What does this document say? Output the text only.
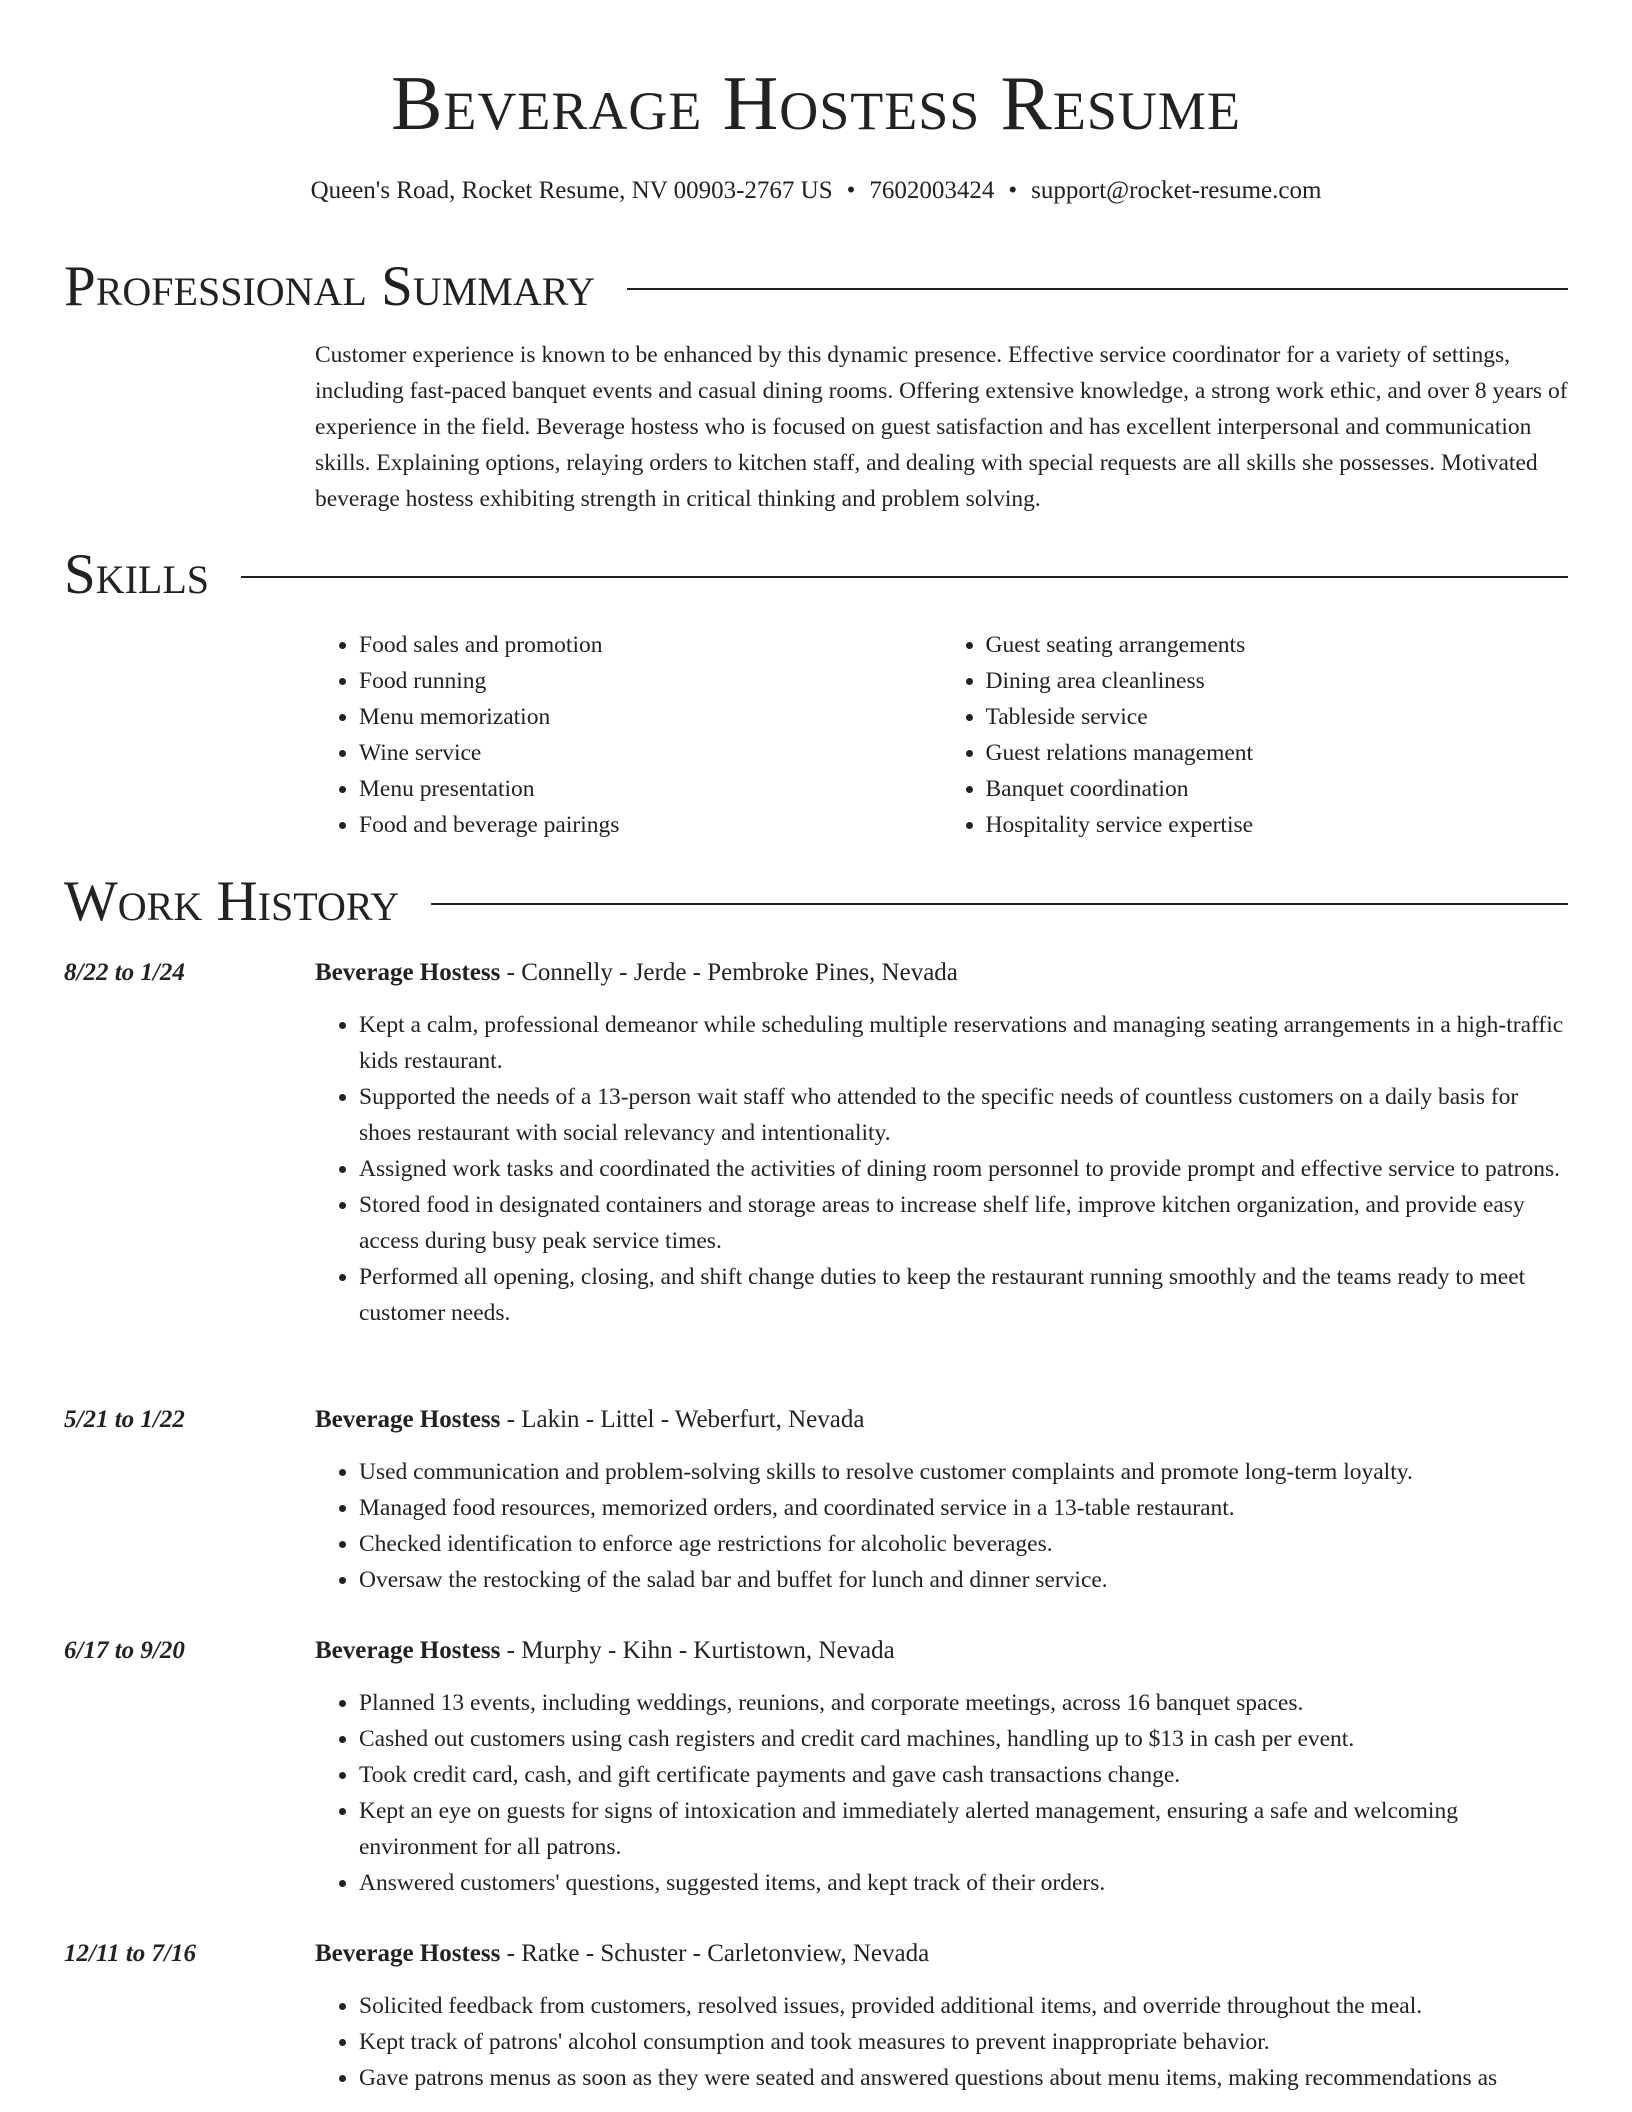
Beverage Hostess Resume
Queen's Road, Rocket Resume, NV 00903-2767 US • 7602003424 • support@rocket-resume.com
Professional Summary

Customer experience is known to be enhanced by this dynamic presence. Effective service coordinator for a variety of settings, including fast-paced banquet events and casual dining rooms. Offering extensive knowledge, a strong work ethic, and over 8 years of experience in the field. Beverage hostess who is focused on guest satisfaction and has excellent interpersonal and communication skills. Explaining options, relaying orders to kitchen staff, and dealing with special requests are all skills she possesses. Motivated beverage hostess exhibiting strength in critical thinking and problem solving.

Skills
• Food sales and promotion
• Food running
• Menu memorization
• Wine service
• Menu presentation
• Food and beverage pairings
• Guest seating arrangements
• Dining area cleanliness
• Tableside service
• Guest relations management
• Banquet coordination
• Hospitality service expertise
Work History
8/22 to 1/24	Beverage Hostess - Connelly - Jerde - Pembroke Pines, Nevada
• Kept a calm, professional demeanor while scheduling multiple reservations and managing seating arrangements in a high-traffic kids restaurant.
• Supported the needs of a 13-person wait staff who attended to the specific needs of countless customers on a daily basis for shoes restaurant with social relevancy and intentionality.
• Assigned work tasks and coordinated the activities of dining room personnel to provide prompt and effective service to patrons.
• Stored food in designated containers and storage areas to increase shelf life, improve kitchen organization, and provide easy access during busy peak service times.
• Performed all opening, closing, and shift change duties to keep the restaurant running smoothly and the teams ready to meet customer needs.
5/21 to 1/22	Beverage Hostess - Lakin - Littel - Weberfurt, Nevada
• Used communication and problem-solving skills to resolve customer complaints and promote long-term loyalty.
• Managed food resources, memorized orders, and coordinated service in a 13-table restaurant.
• Checked identification to enforce age restrictions for alcoholic beverages.
• Oversaw the restocking of the salad bar and buffet for lunch and dinner service.
6/17 to 9/20	Beverage Hostess - Murphy - Kihn - Kurtistown, Nevada
• Planned 13 events, including weddings, reunions, and corporate meetings, across 16 banquet spaces.
• Cashed out customers using cash registers and credit card machines, handling up to $13 in cash per event.
• Took credit card, cash, and gift certificate payments and gave cash transactions change.
• Kept an eye on guests for signs of intoxication and immediately alerted management, ensuring a safe and welcoming environment for all patrons.
• Answered customers' questions, suggested items, and kept track of their orders.
12/11 to 7/16	Beverage Hostess - Ratke - Schuster - Carletonview, Nevada
• Solicited feedback from customers, resolved issues, provided additional items, and override throughout the meal.
• Kept track of patrons' alcohol consumption and took measures to prevent inappropriate behavior.
• Gave patrons menus as soon as they were seated and answered questions about menu items, making recommendations as
